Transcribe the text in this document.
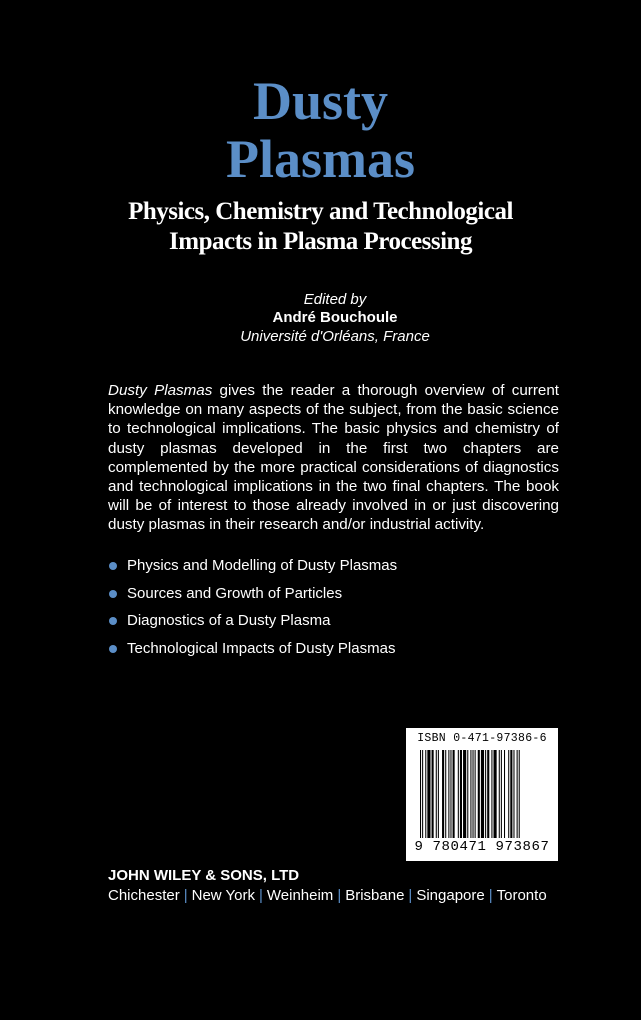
Dusty
Plasmas
Physics, Chemistry and Technological
Impacts in Plasma Processing
Edited by
André Bouchoule
Université d'Orléans, France

Dusty Plasmas gives the reader a thorough overview of current knowledge on many aspects of the subject, from the basic science to technological implications. The basic physics and chemistry of dusty plasmas developed in the first two chapters are complemented by the more practical considerations of diagnostics and technological implications in the two final chapters. The book will be of interest to those already involved in or just discovering dusty plasmas in their research and/or industrial activity.

Physics and Modelling of Dusty Plasmas
Sources and Growth of Particles
Diagnostics of a Dusty Plasma
Technological Impacts of Dusty Plasmas
ISBN 0-471-97386-6
9 780471 973867
JOHN WILEY & SONS, LTD
Chichester | New York | Weinheim | Brisbane | Singapore | Toronto
